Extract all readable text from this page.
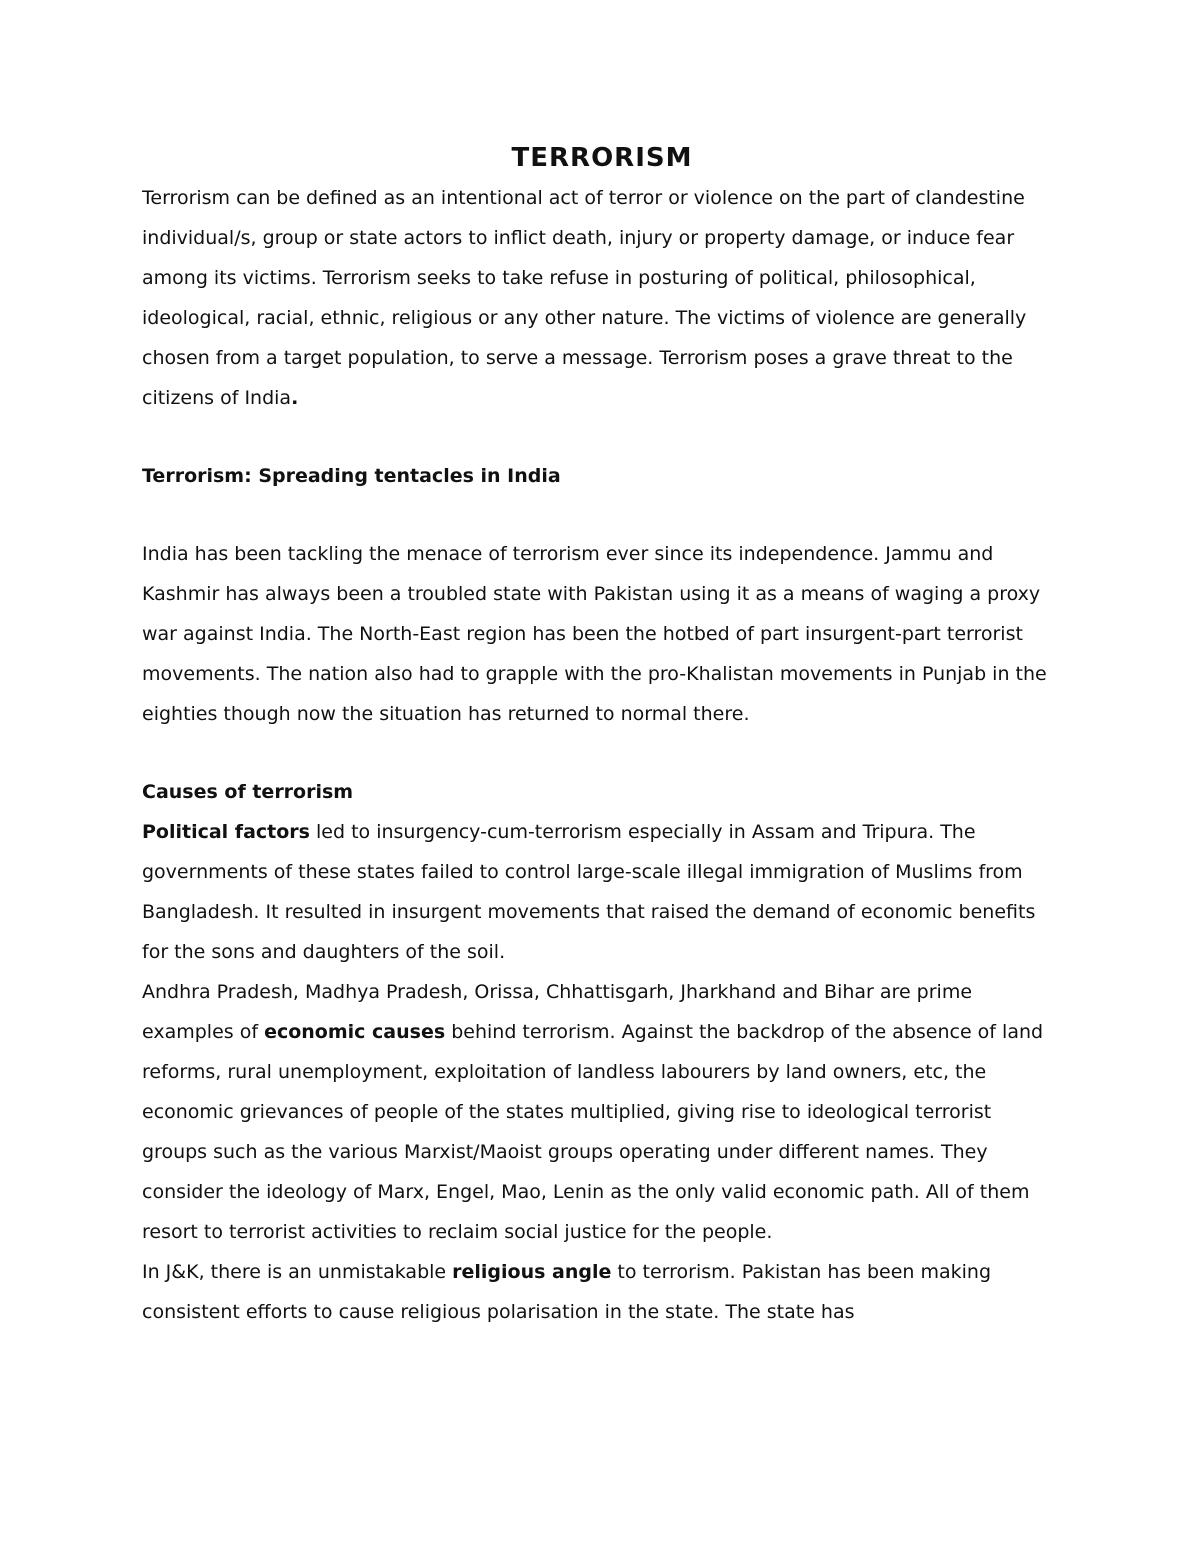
TERRORISM

Terrorism can be defined as an intentional act of terror or violence on the part of clandestine individual/s, group or state actors to inflict death, injury or property damage, or induce fear among its victims. Terrorism seeks to take refuse in posturing of political, philosophical, ideological, racial, ethnic, religious or any other nature. The victims of violence are generally chosen from a target population, to serve a message. Terrorism poses a grave threat to the citizens of India.

Terrorism: Spreading tentacles in India

India has been tackling the menace of terrorism ever since its independence. Jammu and Kashmir has always been a troubled state with Pakistan using it as a means of waging a proxy war against India. The North-East region has been the hotbed of part insurgent-part terrorist movements. The nation also had to grapple with the pro-Khalistan movements in Punjab in the eighties though now the situation has returned to normal there.

Causes of terrorism

Political factors led to insurgency-cum-terrorism especially in Assam and Tripura. The governments of these states failed to control large-scale illegal immigration of Muslims from Bangladesh. It resulted in insurgent movements that raised the demand of economic benefits for the sons and daughters of the soil.

Andhra Pradesh, Madhya Pradesh, Orissa, Chhattisgarh, Jharkhand and Bihar are prime examples of economic causes behind terrorism. Against the backdrop of the absence of land reforms, rural unemployment, exploitation of landless labourers by land owners, etc, the economic grievances of people of the states multiplied, giving rise to ideological terrorist groups such as the various Marxist/Maoist groups operating under different names. They consider the ideology of Marx, Engel, Mao, Lenin as the only valid economic path. All of them resort to terrorist activities to reclaim social justice for the people.

In J&K, there is an unmistakable religious angle to terrorism. Pakistan has been making consistent efforts to cause religious polarisation in the state. The state has
